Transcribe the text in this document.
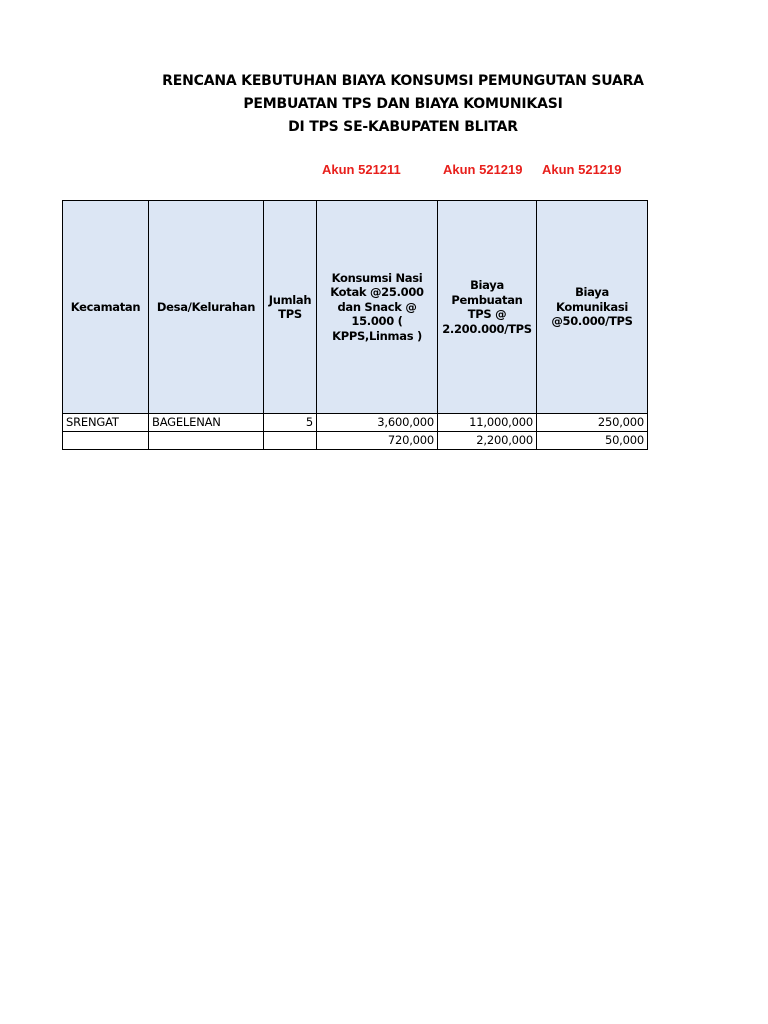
RENCANA KEBUTUHAN BIAYA KONSUMSI PEMUNGUTAN SUARA
PEMBUATAN TPS DAN BIAYA KOMUNIKASI
DI TPS SE-KABUPATEN BLITAR
Akun 521211	Akun 521219 Akun 521219
Kecamatan	Desa/Kelurahan	Jumlah TPS	Konsumsi Nasi Kotak @25.000 dan Snack @ 15.000 ( KPPS,Linmas )	Biaya Pembuatan TPS @ 2.200.000/TPS	Biaya Komunikasi @50.000/TPS
SRENGAT	BAGELENAN	5	3,600,000	11,000,000	250,000
			720,000	2,200,000	50,000
